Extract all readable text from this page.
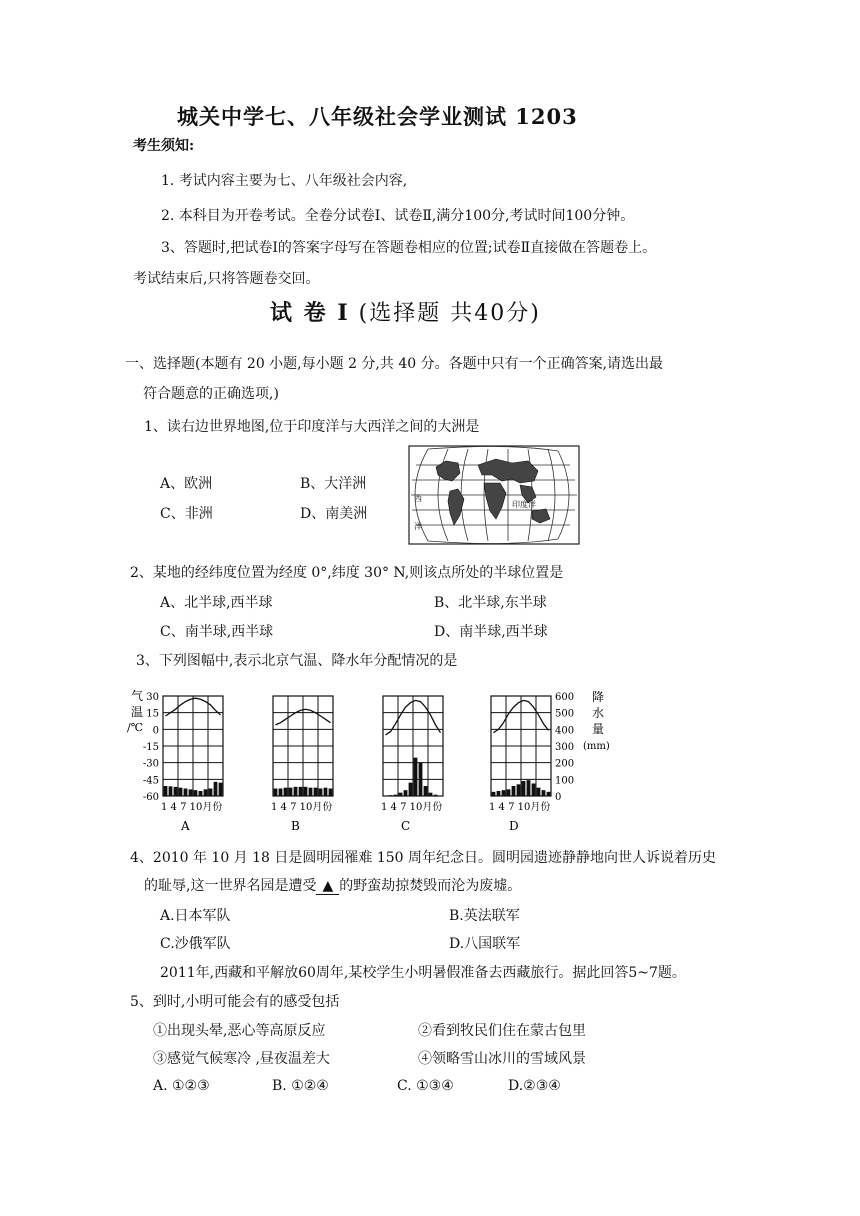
城关中学七、八年级社会学业测试 1203
考生须知:
1. 考试内容主要为七、八年级社会内容,
2. 本科目为开卷考试。全卷分试卷Ⅰ、试卷Ⅱ,满分100分,考试时间100分钟。
3、答题时,把试卷Ⅰ的答案字母写在答题卷相应的位置;试卷Ⅱ直接做在答题卷上。
考试结束后,只将答题卷交回。
试 卷 I (选择题 共40分)
一、选择题(本题有 20 小题,每小题 2 分,共 40 分。各题中只有一个正确答案,请选出最
符合题意的正确选项,)
1、读右边世界地图,位于印度洋与大西洋之间的大洲是
A、欧洲	B、大洋洲
C、非洲	D、南美洲
印度洋
西
洋
2、某地的经纬度位置为经度 0°,纬度 30° N,则该点所处的半球位置是
A、北半球,西半球	B、北半球,东半球
C、南半球,西半球	D、南半球,西半球
3、下列图幅中,表示北京气温、降水年分配情况的是
气
温
/℃
30
15
0
-15
-30
-45
-60
降
水
量
(mm)
600
500
400
300
200
100
0
1 4 7 10月份
A
1 4 7 10月份
B
1 4 7 10月份
C
1 4 7 10月份
D
4、2010 年 10 月 18 日是圆明园罹难 150 周年纪念日。圆明园遗迹静静地向世人诉说着历史
的耻辱,这一世界名园是遭受 ▲ 的野蛮劫掠焚毁而沦为废墟。
A.日本军队	B.英法联军
C.沙俄军队	D.八国联军
2011年,西藏和平解放60周年,某校学生小明暑假准备去西藏旅行。据此回答5~7题。
5、到时,小明可能会有的感受包括
①出现头晕,恶心等高原反应	②看到牧民们住在蒙古包里
③感觉气候寒冷 ,昼夜温差大	④领略雪山冰川的雪域风景
A. ①②③	B. ①②④	C. ①③④	D.②③④
